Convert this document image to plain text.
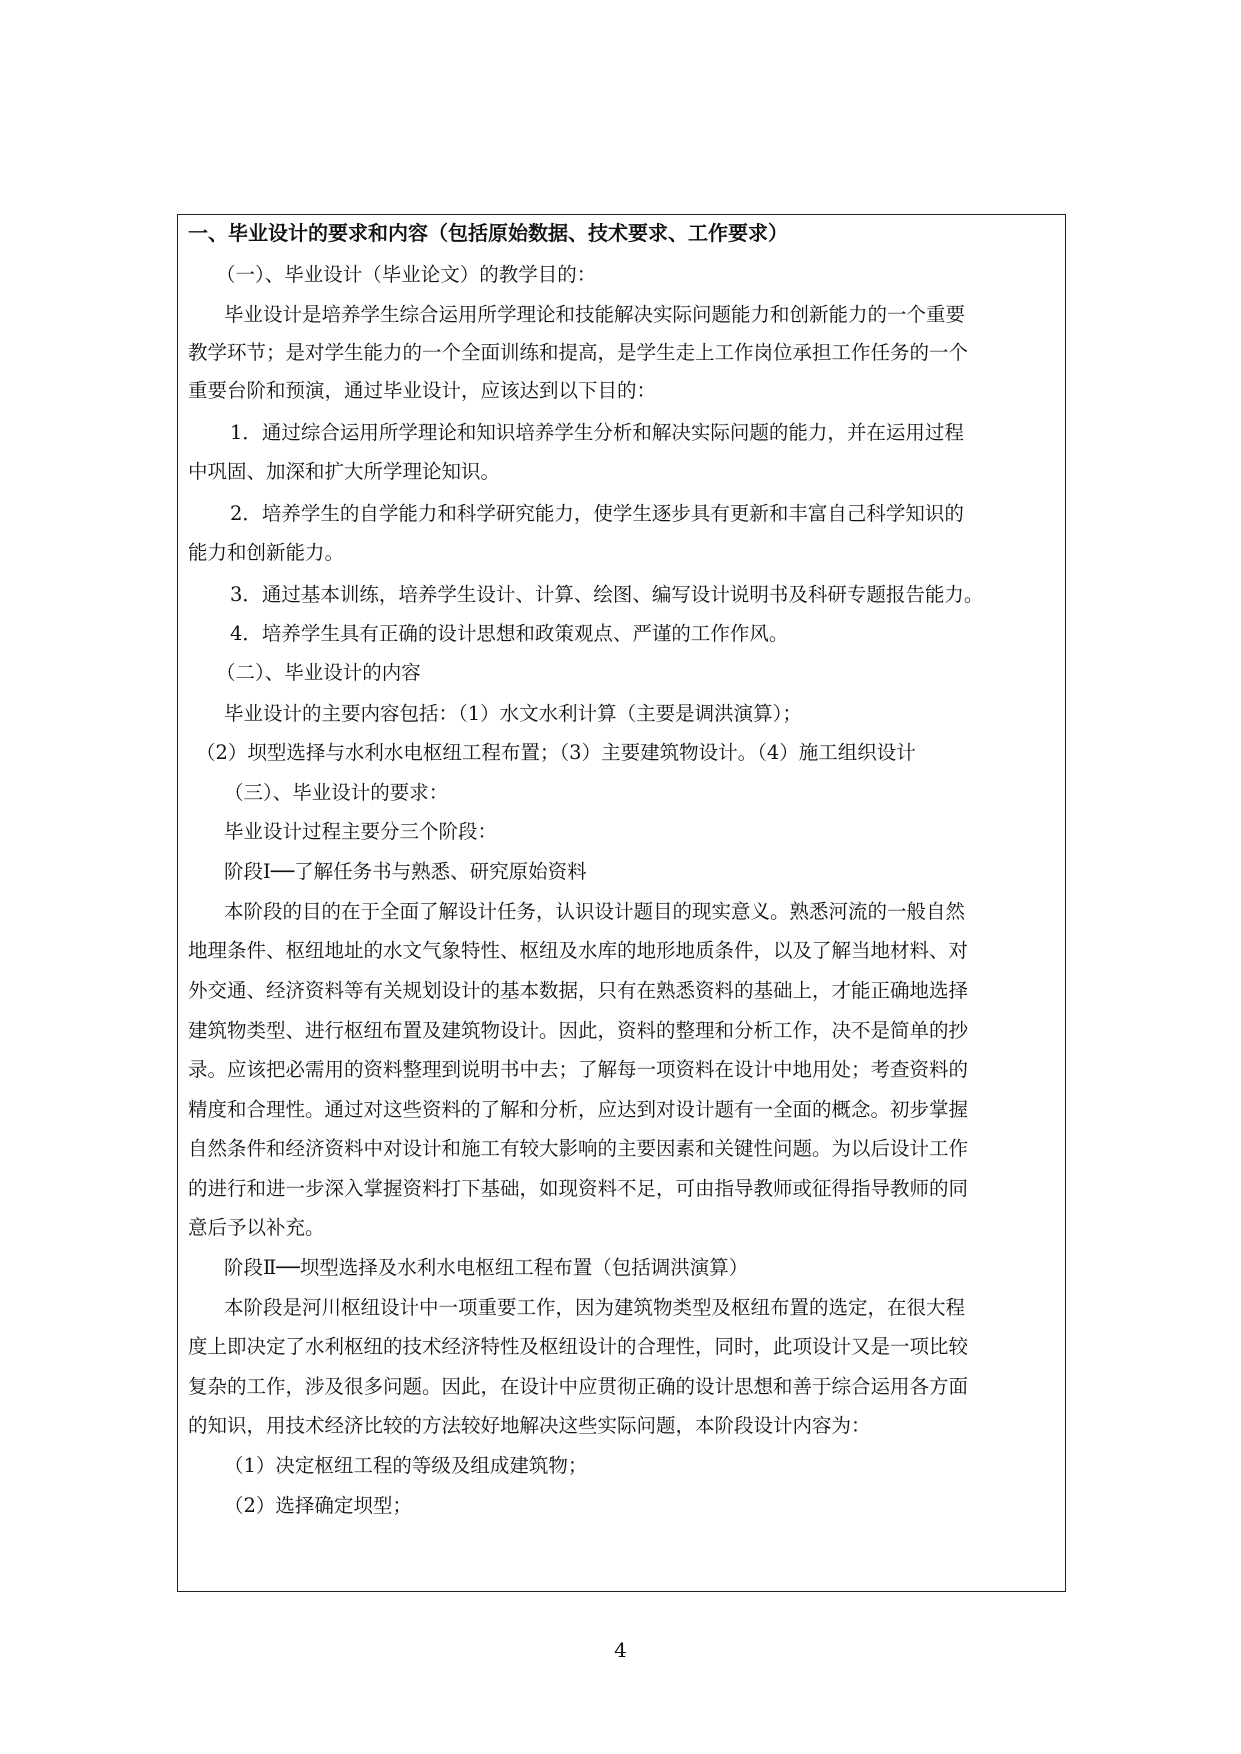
一、毕业设计的要求和内容（包括原始数据、技术要求、工作要求）

（一）、毕业设计（毕业论文）的教学目的：

毕业设计是培养学生综合运用所学理论和技能解决实际问题能力和创新能力的一个重要

教学环节；是对学生能力的一个全面训练和提高，是学生走上工作岗位承担工作任务的一个

重要台阶和预演，通过毕业设计，应该达到以下目的：

1．通过综合运用所学理论和知识培养学生分析和解决实际问题的能力，并在运用过程

中巩固、加深和扩大所学理论知识。

2．培养学生的自学能力和科学研究能力，使学生逐步具有更新和丰富自己科学知识的

能力和创新能力。

3．通过基本训练，培养学生设计、计算、绘图、编写设计说明书及科研专题报告能力。

4．培养学生具有正确的设计思想和政策观点、严谨的工作作风。

（二）、毕业设计的内容

毕业设计的主要内容包括：（1）水文水利计算（主要是调洪演算）；

（2）坝型选择与水利水电枢纽工程布置；（3）主要建筑物设计。（4）施工组织设计

（三）、毕业设计的要求：

毕业设计过程主要分三个阶段：

阶段Ⅰ──了解任务书与熟悉、研究原始资料

本阶段的目的在于全面了解设计任务，认识设计题目的现实意义。熟悉河流的一般自然

地理条件、枢纽地址的水文气象特性、枢纽及水库的地形地质条件，以及了解当地材料、对

外交通、经济资料等有关规划设计的基本数据，只有在熟悉资料的基础上，才能正确地选择

建筑物类型、进行枢纽布置及建筑物设计。因此，资料的整理和分析工作，决不是简单的抄

录。应该把必需用的资料整理到说明书中去；了解每一项资料在设计中地用处；考查资料的

精度和合理性。通过对这些资料的了解和分析，应达到对设计题有一全面的概念。初步掌握

自然条件和经济资料中对设计和施工有较大影响的主要因素和关键性问题。为以后设计工作

的进行和进一步深入掌握资料打下基础，如现资料不足，可由指导教师或征得指导教师的同

意后予以补充。

阶段Ⅱ──坝型选择及水利水电枢纽工程布置（包括调洪演算）

本阶段是河川枢纽设计中一项重要工作，因为建筑物类型及枢纽布置的选定，在很大程

度上即决定了水利枢纽的技术经济特性及枢纽设计的合理性，同时，此项设计又是一项比较

复杂的工作，涉及很多问题。因此，在设计中应贯彻正确的设计思想和善于综合运用各方面

的知识，用技术经济比较的方法较好地解决这些实际问题，本阶段设计内容为：

（1）决定枢纽工程的等级及组成建筑物；

（2）选择确定坝型；

4
